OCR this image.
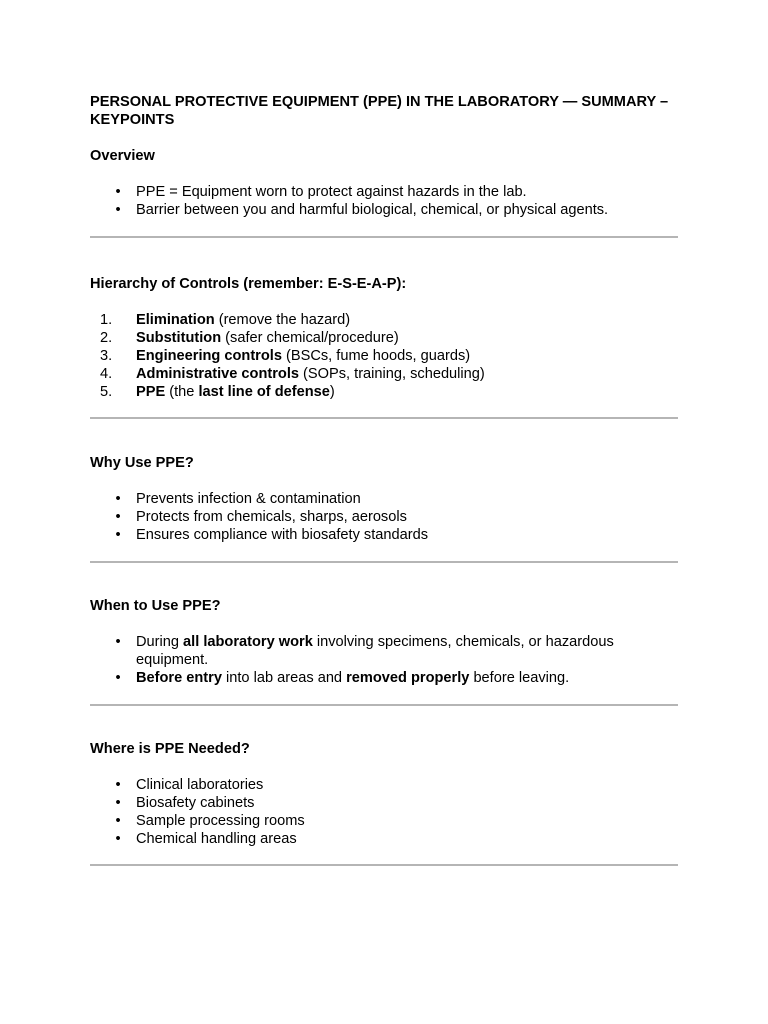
PERSONAL PROTECTIVE EQUIPMENT (PPE) IN THE LABORATORY — SUMMARY – KEYPOINTS
Overview
• PPE = Equipment worn to protect against hazards in the lab.
• Barrier between you and harmful biological, chemical, or physical agents.
Hierarchy of Controls (remember: E-S-E-A-P):
1.	Elimination (remove the hazard)
2.	Substitution (safer chemical/procedure)
3.	Engineering controls (BSCs, fume hoods, guards)
4.	Administrative controls (SOPs, training, scheduling)
5.	PPE (the last line of defense)
Why Use PPE?
• Prevents infection & contamination
• Protects from chemicals, sharps, aerosols
• Ensures compliance with biosafety standards
When to Use PPE?
• During all laboratory work involving specimens, chemicals, or hazardous equipment.
• Before entry into lab areas and removed properly before leaving.
Where is PPE Needed?
• Clinical laboratories
• Biosafety cabinets
• Sample processing rooms
• Chemical handling areas
